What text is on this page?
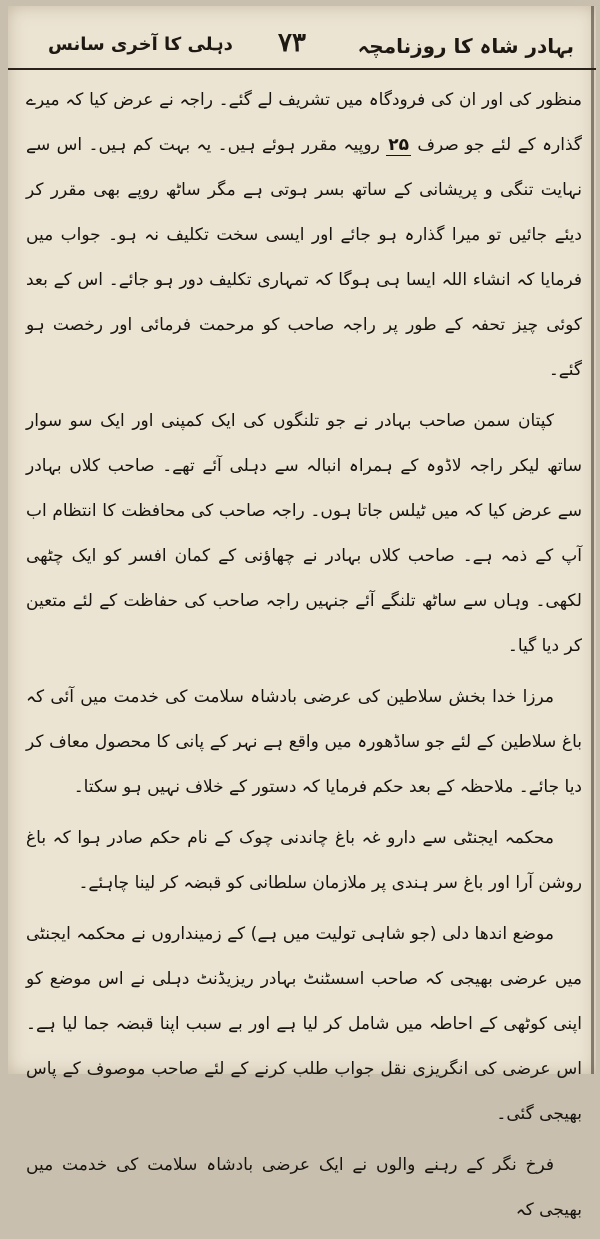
بہادر شاہ کا روزنامچہ
۷۳
دہلی کا آخری سانس

منظور کی اور ان کی فرودگاہ میں تشریف لے گئے۔ راجہ نے عرض کیا کہ میرے گذارہ کے لئے جو صرف ۲۵ روپیہ مقرر ہوئے ہیں۔ یہ بہت کم ہیں۔ اس سے نہایت تنگی و پریشانی کے ساتھ بسر ہوتی ہے مگر ساٹھ روپے بھی مقرر کر دیئے جائیں تو میرا گذارہ ہو جائے اور ایسی سخت تکلیف نہ ہو۔ جواب میں فرمایا کہ انشاء اللہ ایسا ہی ہوگا کہ تمہاری تکلیف دور ہو جائے۔ اس کے بعد کوئی چیز تحفہ کے طور پر راجہ صاحب کو مرحمت فرمائی اور رخصت ہو گئے۔

کپتان سمن صاحب بہادر نے جو تلنگوں کی ایک کمپنی اور ایک سو سوار ساتھ لیکر راجہ لاڈوہ کے ہمراہ انبالہ سے دہلی آئے تھے۔ صاحب کلاں بہادر سے عرض کیا کہ میں ٹیلس جاتا ہوں۔ راجہ صاحب کی محافظت کا انتظام اب آپ کے ذمہ ہے۔ صاحب کلاں بہادر نے چھاؤنی کے کمان افسر کو ایک چٹھی لکھی۔ وہاں سے ساٹھ تلنگے آئے جنہیں راجہ صاحب کی حفاظت کے لئے متعین کر دیا گیا۔

مرزا خدا بخش سلاطین کی عرضی بادشاہ سلامت کی خدمت میں آئی کہ باغ سلاطین کے لئے جو ساڈھورہ میں واقع ہے نہر کے پانی کا محصول معاف کر دیا جائے۔ ملاحظہ کے بعد حکم فرمایا کہ دستور کے خلاف نہیں ہو سکتا۔

محکمہ ایجنٹی سے دارو غہ باغ چاندنی چوک کے نام حکم صادر ہوا کہ باغ روشن آرا اور باغ سر ہندی پر ملازمان سلطانی کو قبضہ کر لینا چاہئے۔

موضع اندھا دلی (جو شاہی تولیت میں ہے) کے زمینداروں نے محکمہ ایجنٹی میں عرضی بھیجی کہ صاحب اسسٹنٹ بہادر ریزیڈنٹ دہلی نے اس موضع کو اپنی کوٹھی کے احاطہ میں شامل کر لیا ہے اور بے سبب اپنا قبضہ جما لیا ہے۔ اس عرضی کی انگریزی نقل جواب طلب کرنے کے لئے صاحب موصوف کے پاس بھیجی گئی۔

فرخ نگر کے رہنے والوں نے ایک عرضی بادشاہ سلامت کی خدمت میں بھیجی کہ
